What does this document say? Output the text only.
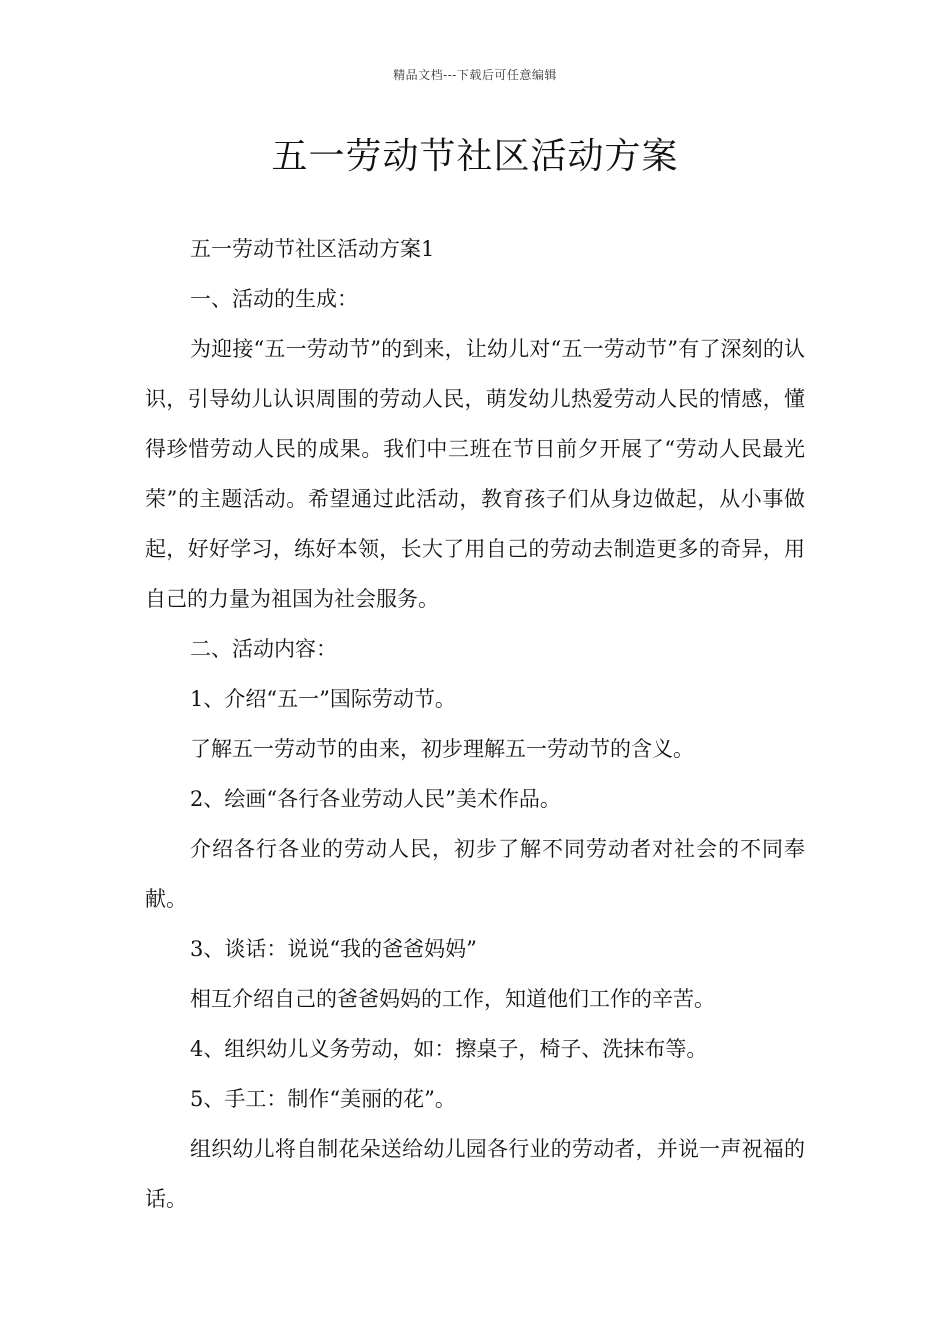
精品文档---下载后可任意编辑
五一劳动节社区活动方案

五一劳动节社区活动方案1

一、活动的生成：

为迎接“五一劳动节”的到来，让幼儿对“五一劳动节”有了深刻的认识，引导幼儿认识周围的劳动人民，萌发幼儿热爱劳动人民的情感，懂得珍惜劳动人民的成果。我们中三班在节日前夕开展了“劳动人民最光荣”的主题活动。希望通过此活动，教育孩子们从身边做起，从小事做起，好好学习，练好本领，长大了用自己的劳动去制造更多的奇异，用自己的力量为祖国为社会服务。

二、活动内容：

1、介绍“五一”国际劳动节。

了解五一劳动节的由来，初步理解五一劳动节的含义。

2、绘画“各行各业劳动人民”美术作品。

介绍各行各业的劳动人民，初步了解不同劳动者对社会的不同奉献。

3、谈话：说说“我的爸爸妈妈”

相互介绍自己的爸爸妈妈的工作，知道他们工作的辛苦。

4、组织幼儿义务劳动，如：擦桌子，椅子、洗抹布等。

5、手工：制作“美丽的花”。

组织幼儿将自制花朵送给幼儿园各行业的劳动者，并说一声祝福的话。
